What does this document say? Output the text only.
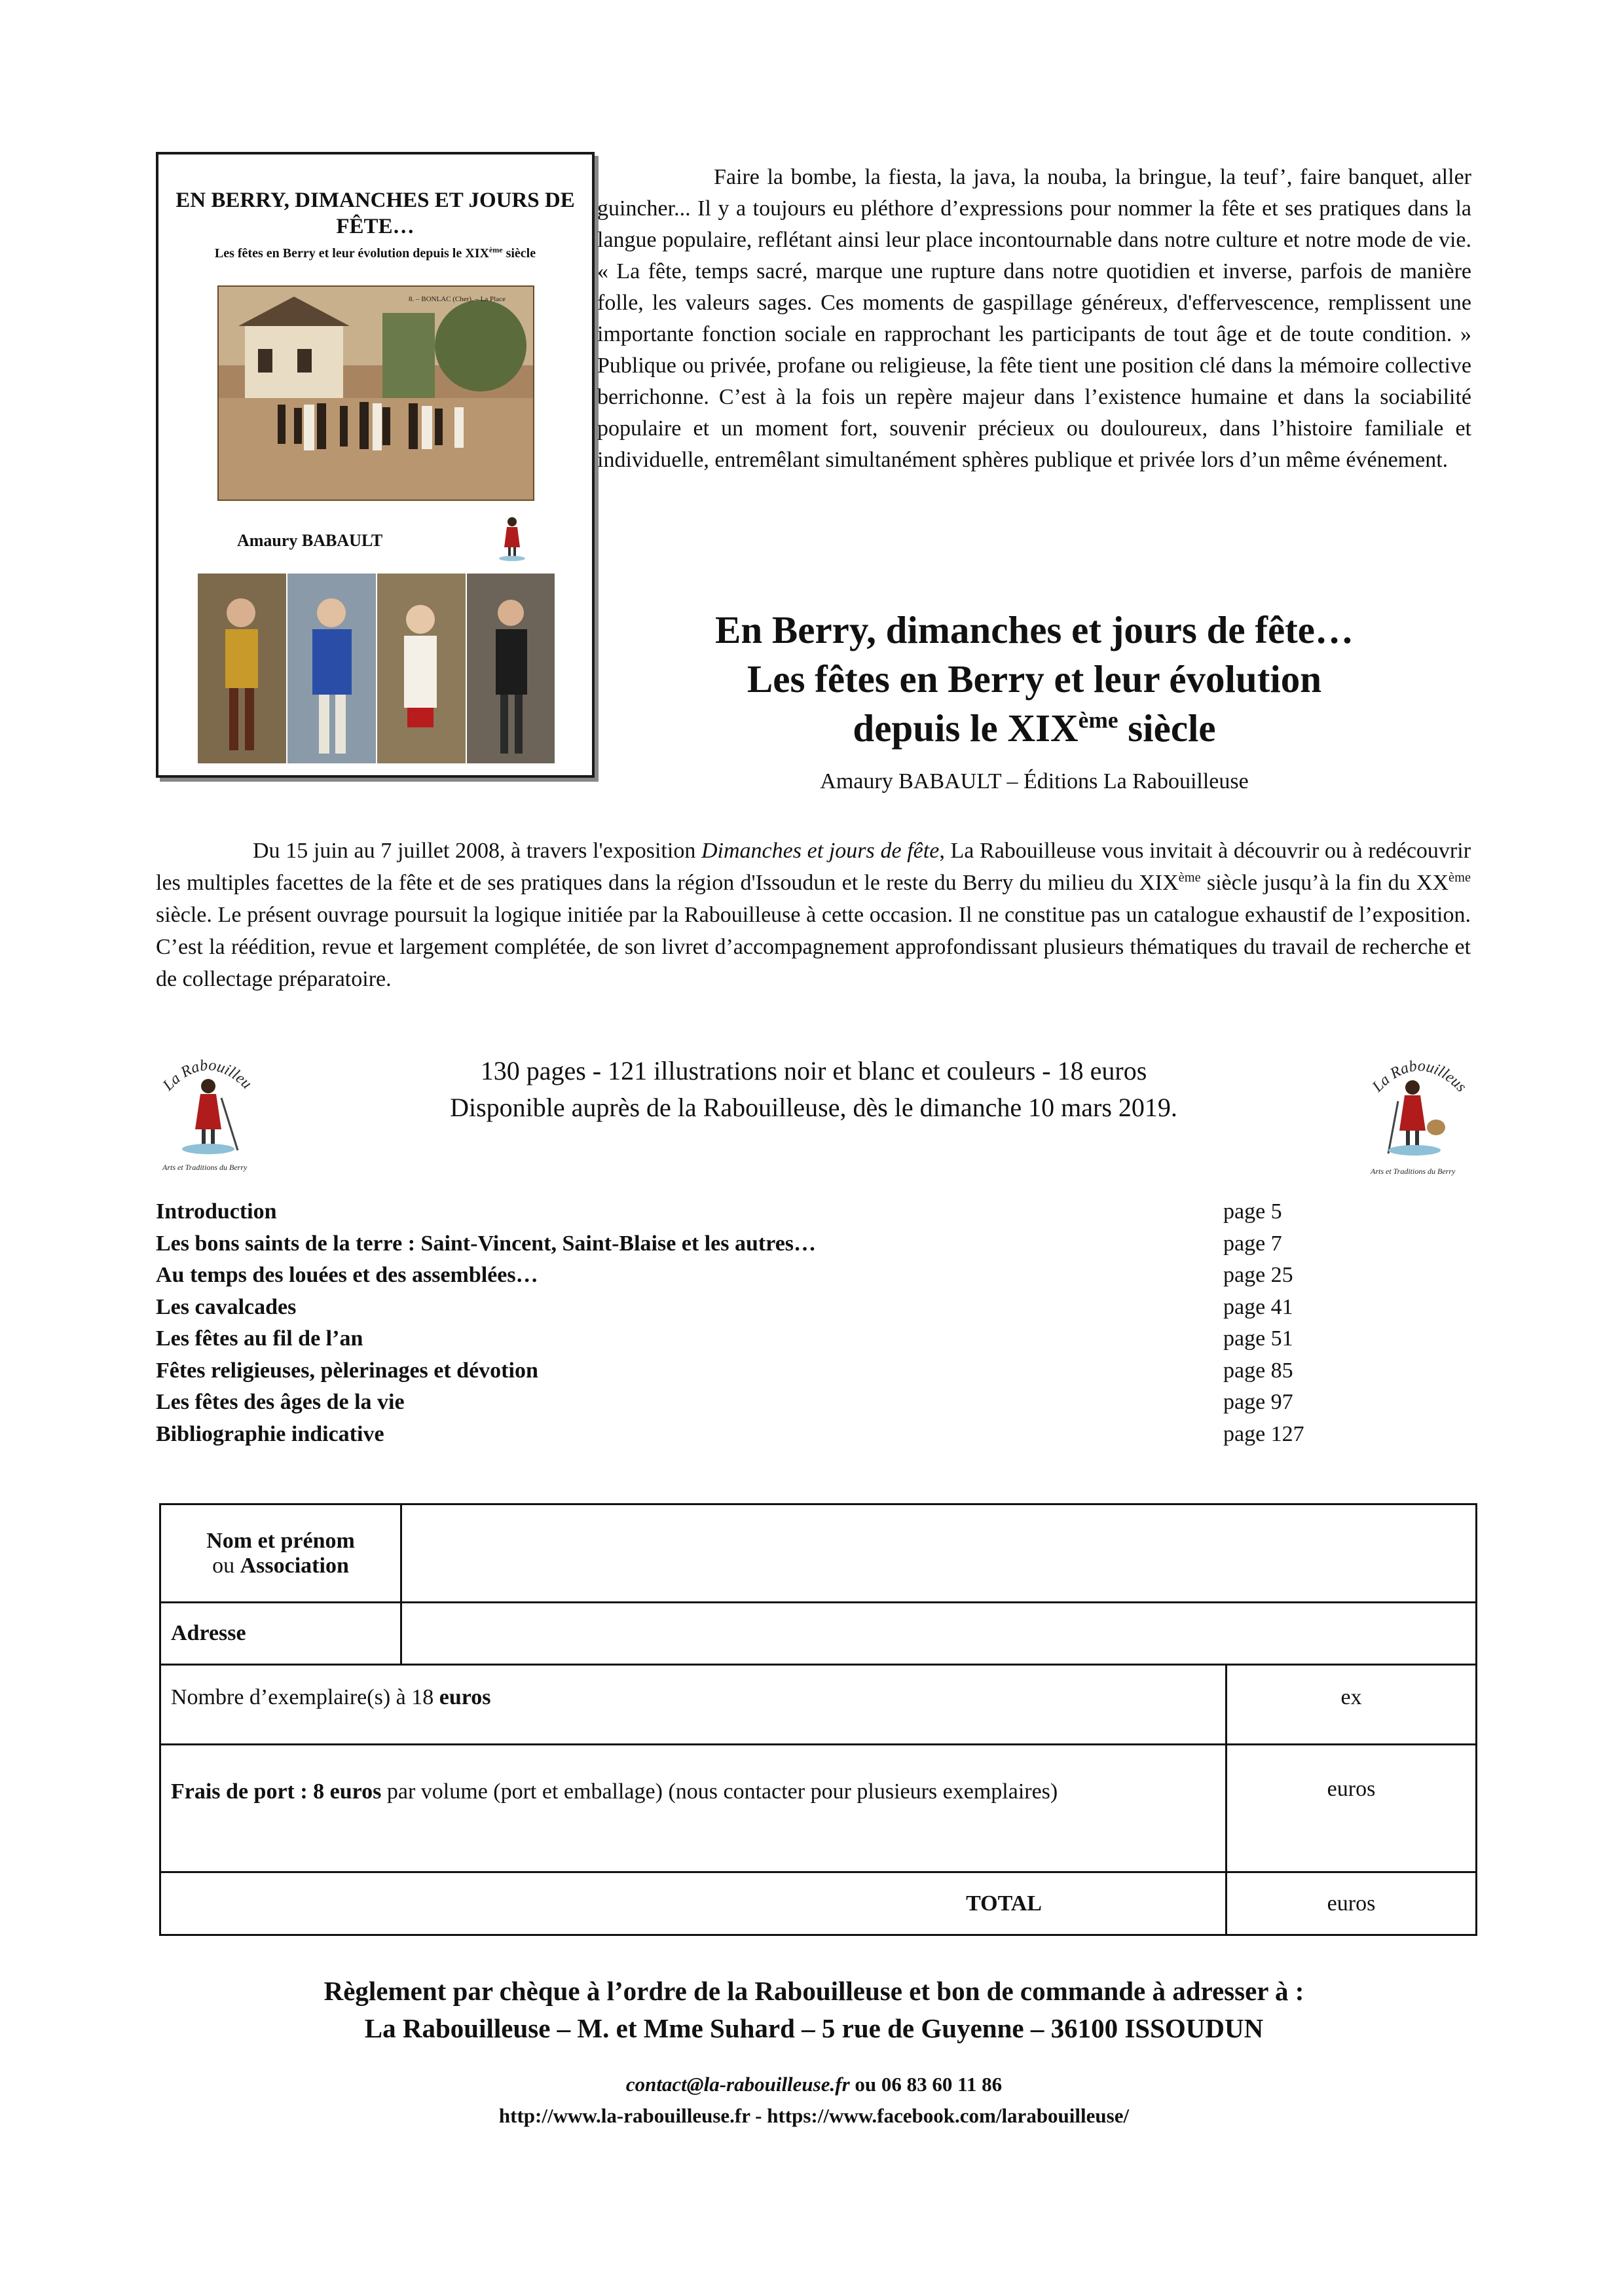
EN BERRY, DIMANCHES ET JOURS DE FÊTE…
Les fêtes en Berry et leur évolution depuis le XIXème siècle
8. – BONLAC (Cher). – La Place
Amaury BABAULT

Faire la bombe, la fiesta, la java, la nouba, la bringue, la teuf’, faire banquet, aller guincher... Il y a toujours eu pléthore d’expressions pour nommer la fête et ses pratiques dans la langue populaire, reflétant ainsi leur place incontournable dans notre culture et notre mode de vie. « La fête, temps sacré, marque une rupture dans notre quotidien et inverse, parfois de manière folle, les valeurs sages. Ces moments de gaspillage généreux, d'effervescence, remplissent une importante fonction sociale en rapprochant les participants de tout âge et de toute condition. » Publique ou privée, profane ou religieuse, la fête tient une position clé dans la mémoire collective berrichonne. C’est à la fois un repère majeur dans l’existence humaine et dans la sociabilité populaire et un moment fort, souvenir précieux ou douloureux, dans l’histoire familiale et individuelle, entremêlant simultanément sphères publique et privée lors d’un même événement.

En Berry, dimanches et jours de fête…
Les fêtes en Berry et leur évolution
depuis le XIXème siècle
Amaury BABAULT – Éditions La Rabouilleuse

Du 15 juin au 7 juillet 2008, à travers l'exposition Dimanches et jours de fête, La Rabouilleuse vous invitait à découvrir ou à redécouvrir les multiples facettes de la fête et de ses pratiques dans la région d'Issoudun et le reste du Berry du milieu du XIXème siècle jusqu’à la fin du XXème siècle. Le présent ouvrage poursuit la logique initiée par la Rabouilleuse à cette occasion. Il ne constitue pas un catalogue exhaustif de l’exposition. C’est la réédition, revue et largement complétée, de son livret d’accompagnement approfondissant plusieurs thématiques du travail de recherche et de collectage préparatoire.

La Rabouilleu
Arts et Traditions du Berry
La Rabouilleus
Arts et Traditions du Berry
130 pages - 121 illustrations noir et blanc et couleurs - 18 euros
Disponible auprès de la Rabouilleuse, dès le dimanche 10 mars 2019.
Introduction	page 5
Les bons saints de la terre : Saint-Vincent, Saint-Blaise et les autres…	page 7
Au temps des louées et des assemblées…	page 25
Les cavalcades	page 41
Les fêtes au fil de l’an	page 51
Fêtes religieuses, pèlerinages et dévotion	page 85
Les fêtes des âges de la vie	page 97
Bibliographie indicative	page 127
Nom et prénom
ou Association		
Adresse		
Nombre d’exemplaire(s) à 18 euros		ex
Frais de port : 8 euros par volume (port et emballage) (nous contacter pour plusieurs exemplaires)		euros
TOTAL		euros
Règlement par chèque à l’ordre de la Rabouilleuse et bon de commande à adresser à :
La Rabouilleuse – M. et Mme Suhard – 5 rue de Guyenne – 36100 ISSOUDUN
contact@la-rabouilleuse.fr ou 06 83 60 11 86
http://www.la-rabouilleuse.fr - https://www.facebook.com/larabouilleuse/
